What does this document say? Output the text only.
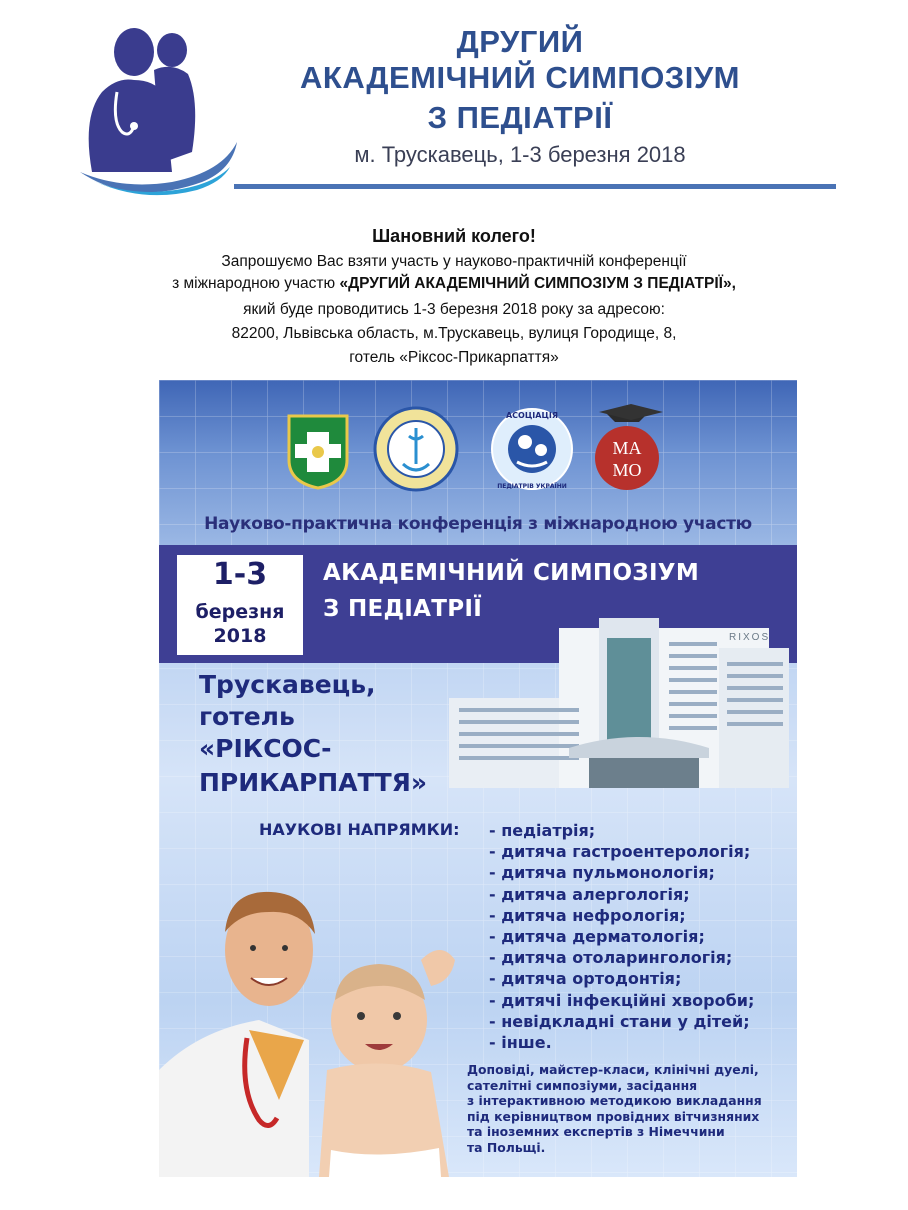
ДРУГИЙ
АКАДЕМІЧНИЙ СИМПОЗІУМ
З ПЕДІАТРІЇ
м. Трускавець, 1-3 березня 2018
Шановний колего!
Запрошуємо Вас взяти участь у науково-практичній конференції
з міжнародною участю «ДРУГИЙ АКАДЕМІЧНИЙ СИМПОЗІУМ З ПЕДІАТРІЇ»,
який буде проводитись 1-3 березня 2018 року за адресою:
82200, Львівська область, м.Трускавець, вулиця Городище, 8,
готель «Ріксос-Прикарпаття»
АСОЦІАЦІЯ
ПЕДІАТРІВ УКРАЇНИ
МА
МО
Науково-практична конференція з міжнародною участю
1-3
березня
2018
АКАДЕМІЧНИЙ СИМПОЗІУМ
З ПЕДІАТРІЇ
RIXOS
Трускавець,
готель
«РІКСОС-
ПРИКАРПАТТЯ»
НАУКОВІ НАПРЯМКИ: - педіатрія;
- дитяча гастроентерологія;
- дитяча пульмонологія;
- дитяча алергологія;
- дитяча нефрологія;
- дитяча дерматологія;
- дитяча отоларингологія;
- дитяча ортодонтія;
- дитячі інфекційні хвороби;
- невідкладні стани у дітей;
- інше.
Доповіді, майстер-класи, клінічні дуелі,
сателітні симпозіуми, засідання
з інтерактивною методикою викладання
під керівництвом провідних вітчизняних
та іноземних експертів з Німеччини
та Польщі.
